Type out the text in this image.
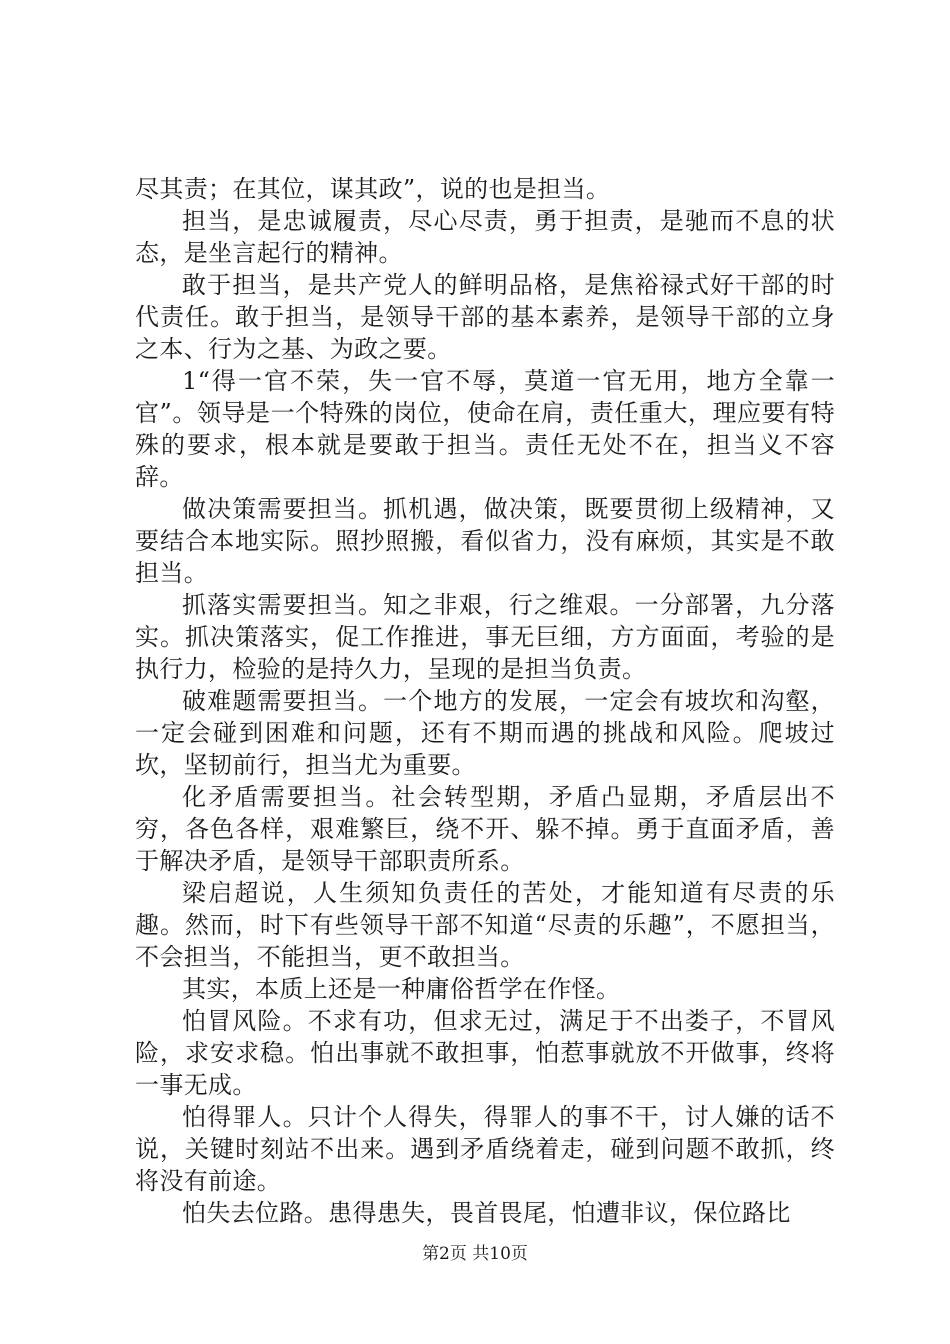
尽其责；在其位，谋其政”，说的也是担当。

担当，是忠诚履责，尽心尽责，勇于担责，是驰而不息的状态，是坐言起行的精神。

敢于担当，是共产党人的鲜明品格，是焦裕禄式好干部的时代责任。敢于担当，是领导干部的基本素养，是领导干部的立身之本、行为之基、为政之要。

1“得一官不荣，失一官不辱，莫道一官无用，地方全靠一官”。领导是一个特殊的岗位，使命在肩，责任重大，理应要有特殊的要求，根本就是要敢于担当。责任无处不在，担当义不容辞。

做决策需要担当。抓机遇，做决策，既要贯彻上级精神，又要结合本地实际。照抄照搬，看似省力，没有麻烦，其实是不敢担当。

抓落实需要担当。知之非艰，行之维艰。一分部署，九分落实。抓决策落实，促工作推进，事无巨细，方方面面，考验的是执行力，检验的是持久力，呈现的是担当负责。

破难题需要担当。一个地方的发展，一定会有坡坎和沟壑，一定会碰到困难和问题，还有不期而遇的挑战和风险。爬坡过坎，坚韧前行，担当尤为重要。

化矛盾需要担当。社会转型期，矛盾凸显期，矛盾层出不穷，各色各样，艰难繁巨，绕不开、躲不掉。勇于直面矛盾，善于解决矛盾，是领导干部职责所系。

梁启超说，人生须知负责任的苦处，才能知道有尽责的乐趣。然而，时下有些领导干部不知道“尽责的乐趣”，不愿担当，不会担当，不能担当，更不敢担当。

其实，本质上还是一种庸俗哲学在作怪。

怕冒风险。不求有功，但求无过，满足于不出娄子，不冒风险，求安求稳。怕出事就不敢担事，怕惹事就放不开做事，终将一事无成。

怕得罪人。只计个人得失，得罪人的事不干，讨人嫌的话不说，关键时刻站不出来。遇到矛盾绕着走，碰到问题不敢抓，终将没有前途。

怕失去位路。患得患失，畏首畏尾，怕遭非议，保位路比

第2页 共10页
